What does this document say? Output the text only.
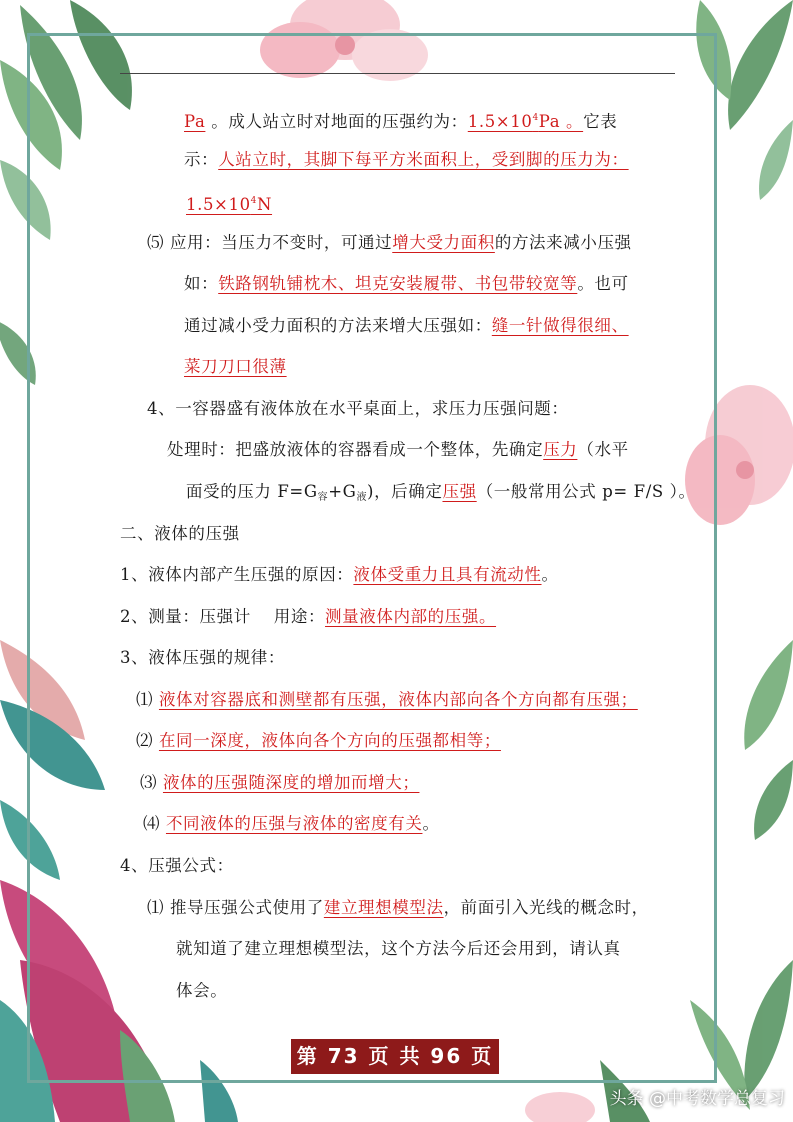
Pa 。成人站立时对地面的压强约为：$1.5\times 10^4Pa$ 。它表
示：人站立时，其脚下每平方米面积上，受到脚的压力为：
$1.5\times 10^4N$
⑸ 应用：当压力不变时，可通过增大受力面积的方法来减小压强
如：铁路钢轨铺枕木、坦克安装履带、书包带较宽等。也可
通过减小受力面积的方法来增大压强如：缝一针做得很细、
菜刀刀口很薄
4、一容器盛有液体放在水平桌面上，求压力压强问题：
处理时：把盛放液体的容器看成一个整体，先确定压力（水平
面受的压力 $F=G_容+G_液$)，后确定压强（一般常用公式 p= F/S ）。
二、液体的压强
1、液体内部产生压强的原因：液体受重力且具有流动性。
2、测量：压强计　 用途：测量液体内部的压强。
3、液体压强的规律：
⑴ 液体对容器底和测壁都有压强，液体内部向各个方向都有压强；
⑵ 在同一深度，液体向各个方向的压强都相等；
⑶ 液体的压强随深度的增加而增大；
⑷ 不同液体的压强与液体的密度有关。
4、压强公式：
⑴ 推导压强公式使用了建立理想模型法，前面引入光线的概念时，
就知道了建立理想模型法，这个方法今后还会用到，请认真
体会。
第 73 页 共 96 页
头条 @中考数学总复习
